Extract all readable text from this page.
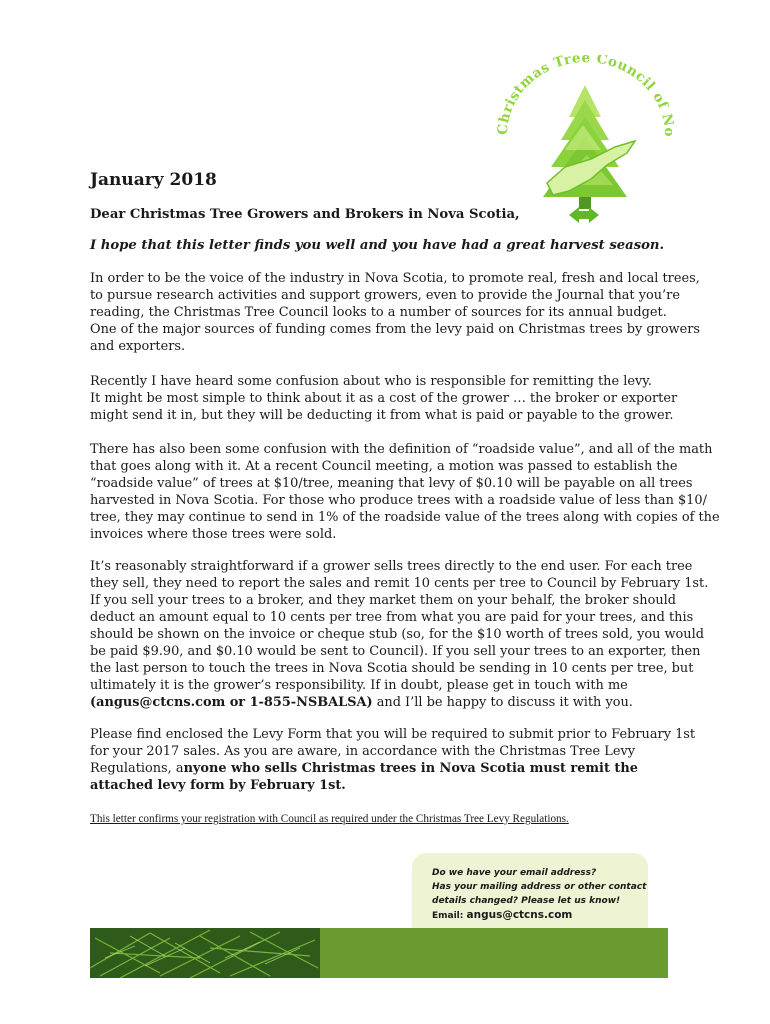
Christmas Tree Council of N
January 2018
Dear Christmas Tree Growers and Brokers in Nova Scotia,
I hope that this letter finds you well and you have had a great harvest season.
In order to be the voice of the industry in Nova Scotia, to promote real, fresh and local trees,
to pursue research activities and support growers, even to provide the Journal that you’re
reading, the Christmas Tree Council looks to a number of sources for its annual budget.
One of the major sources of funding comes from the levy paid on Christmas trees by growers
and exporters.
Recently I have heard some confusion about who is responsible for remitting the levy.
It might be most simple to think about it as a cost of the grower … the broker or exporter
might send it in, but they will be deducting it from what is paid or payable to the grower.
There has also been some confusion with the definition of “roadside value”, and all of the math
that goes along with it. At a recent Council meeting, a motion was passed to establish the
“roadside value” of trees at $10/tree, meaning that levy of $0.10 will be payable on all trees
harvested in Nova Scotia. For those who produce trees with a roadside value of less than $10/
tree, they may continue to send in 1% of the roadside value of the trees along with copies of the
invoices where those trees were sold.
It’s reasonably straightforward if a grower sells trees directly to the end user. For each tree
they sell, they need to report the sales and remit 10 cents per tree to Council by February 1st.
If you sell your trees to a broker, and they market them on your behalf, the broker should
deduct an amount equal to 10 cents per tree from what you are paid for your trees, and this
should be shown on the invoice or cheque stub (so, for the $10 worth of trees sold, you would
be paid $9.90, and $0.10 would be sent to Council). If you sell your trees to an exporter, then
the last person to touch the trees in Nova Scotia should be sending in 10 cents per tree, but
ultimately it is the grower’s responsibility. If in doubt, please get in touch with me
(angus@ctcns.com or 1-855-NSBALSA) and I’ll be happy to discuss it with you.
Please find enclosed the Levy Form that you will be required to submit prior to February 1st
for your 2017 sales. As you are aware, in accordance with the Christmas Tree Levy
Regulations, anyone who sells Christmas trees in Nova Scotia must remit the
attached levy form by February 1st.
This letter confirms your registration with Council as required under the Christmas Tree Levy Regulations.
Do we have your email address?
Has your mailing address or other contact
details changed? Please let us know!
Email: angus@ctcns.com
